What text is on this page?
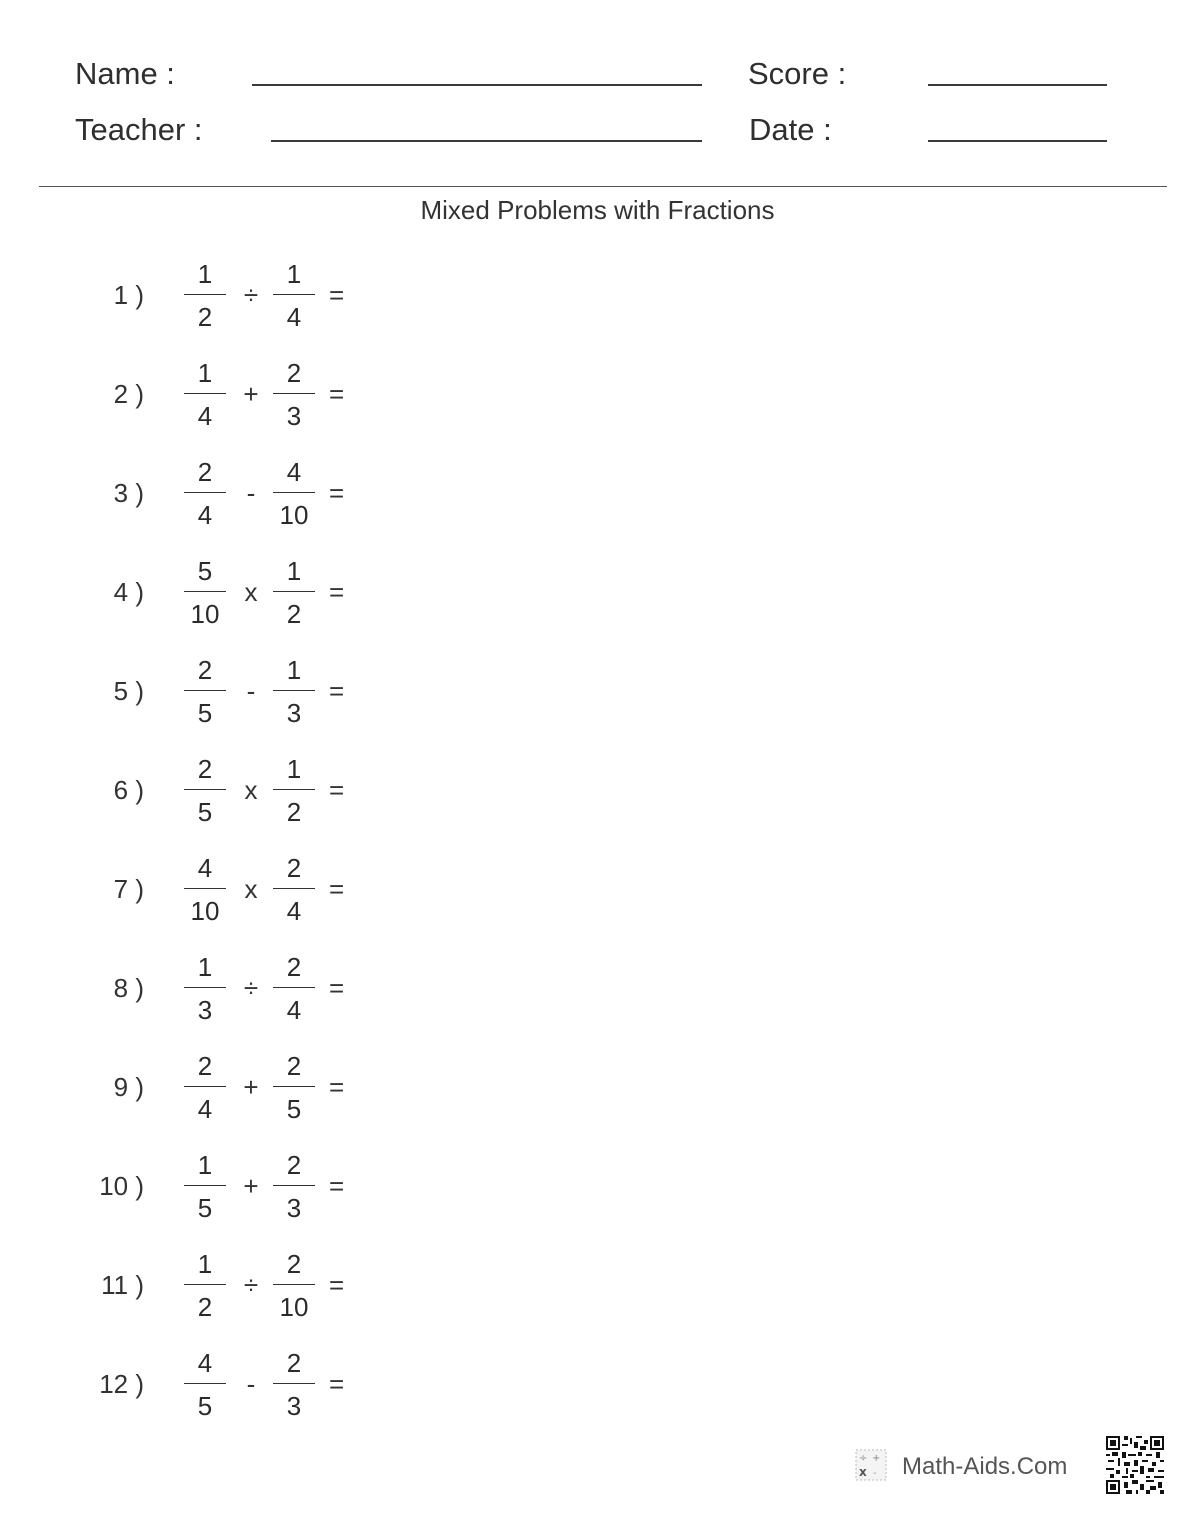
Name :	Score :
Teacher :	Date :
Mixed Problems with Fractions
1 )
1
2
÷
1
4
=
2 )
1
4
+
2
3
=
3 )
2
4
-
4
10
=
4 )
5
10
x
1
2
=
5 )
2
5
-
1
3
=
6 )
2
5
x
1
2
=
7 )
4
10
x
2
4
=
8 )
1
3
÷
2
4
=
9 )
2
4
+
2
5
=
10 )
1
5
+
2
3
=
11 )
1
2
÷
2
10
=
12 )
4
5
-
2
3
=
÷ +
x - Math-Aids.Com
